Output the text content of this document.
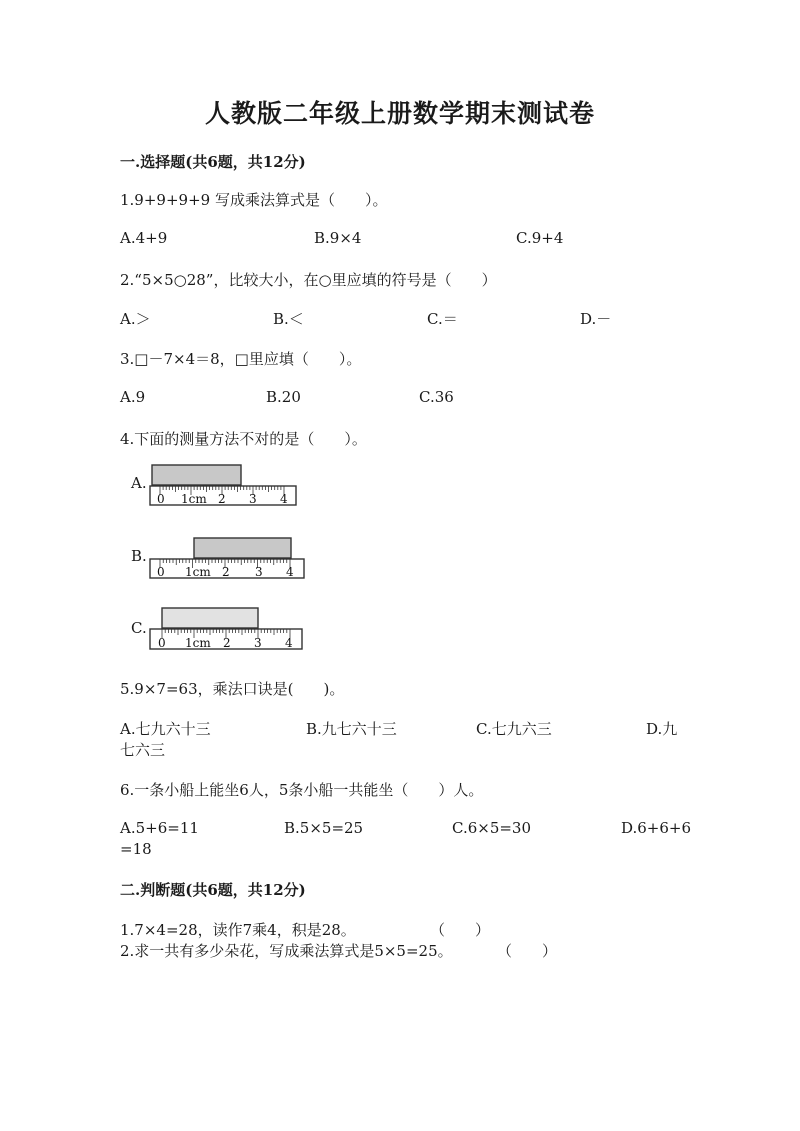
人教版二年级上册数学期末测试卷
一.选择题(共6题，共12分)
1.9+9+9+9 写成乘法算式是（　　）。
A.4+9	B.9×4	C.9+4
2.“5×5○28”，比较大小，在○里应填的符号是（　　）
A.＞	B.＜	C.＝	D.－
3.□－7×4＝8，□里应填（　　）。
A.9	B.20	C.36
4.下面的测量方法不对的是（　　）。
A.
0 1cm 2 3 4
B.
0 1cm 2 3 4
C.
0 1cm 2 3 4
5.9×7=63，乘法口诀是(　　)。
A.七九六十三	B.九七六十三	C.七九六三	D.九
七六三
6.一条小船上能坐6人，5条小船一共能坐（　　）人。
A.5+6=11	B.5×5=25	C.6×5=30	D.6+6+6
=18
二.判断题(共6题，共12分)
1.7×4=28，读作7乘4，积是28。	（　　）
2.求一共有多少朵花，写成乘法算式是5×5=25。	（　　）
